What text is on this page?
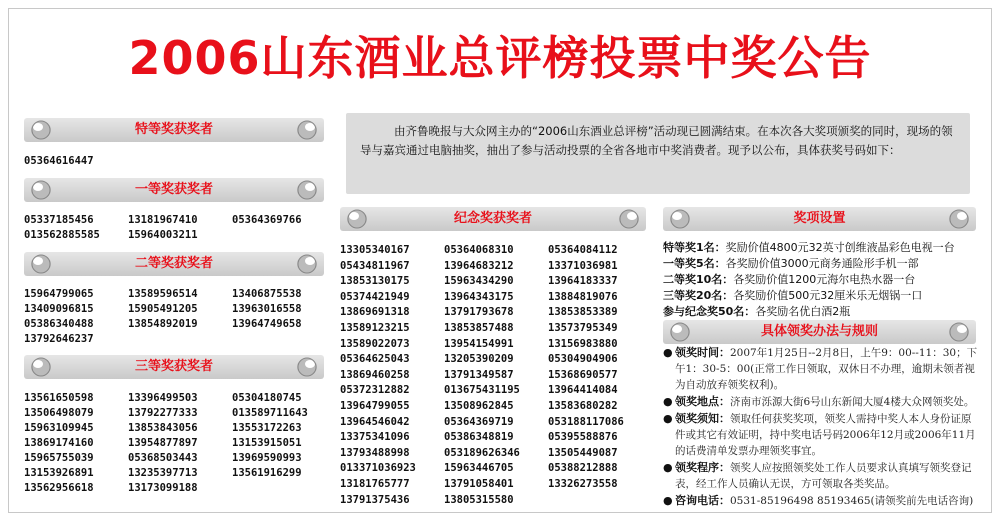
2006山东酒业总评榜投票中奖公告
特等奖获奖者
05364616447
一等奖获奖者
05337185456	13181967410	05364369766
013562885585	15964003211
二等奖获奖者
15964799065	13589596514	13406875538
13409096815	15905491205	13963016558
05386340488	13854892019	13964749658
13792646237
三等奖获奖者
13561650598	13396499503	05304180745
13506498079	13792277333	013589711643
15963109945	13853843056	13553172263
13869174160	13954877897	13153915051
15965755039	05368503443	13969590993
13153926891	13235397713	13561916299
13562956618	13173099188
由齐鲁晚报与大众网主办的“2006山东酒业总评榜”活动现已圆满结束。在本次各大奖项颁奖的同时，现场的领导与嘉宾通过电脑抽奖，抽出了参与活动投票的全省各地市中奖消费者。现予以公布，具体获奖号码如下：
纪念奖获奖者
13305340167	05364068310	05364084112
05434811967	13964683212	13371036981
13853130175	15963434290	13964183337
05374421949	13964343175	13884819076
13869691318	13791793678	13853853389
13589123215	13853857488	13573795349
13589022073	13954154991	13156983880
05364625043	13205390209	05304904906
13869460258	13791349587	15368690577
05372312882	013675431195	13964414084
13964799055	13508962845	13583680282
13964546042	05364369719	053188117086
13375341096	05386348819	05395588876
13793488998	053189626346	13505449087
013371036923	15963446705	05388212888
13181765777	13791058401	13326273558
13791375436	13805315580
奖项设置
特等奖1名：奖励价值4800元32英寸创维液晶彩色电视一台
一等奖5名：各奖励价值3000元商务通险形手机一部
二等奖10名：各奖励价值1200元海尔电热水器一台
三等奖20名：各奖励价值500元32厘米乐无烟锅一口
参与纪念奖50名：各奖励名优白酒2瓶
具体领奖办法与规则
● 领奖时间：2007年1月25日--2月8日，上午9：00--11：30；下午1：30-5：00(正常工作日领取，双休日不办理，逾期未领者视为自动放弃领奖权利)。
● 领奖地点：济南市泺源大街6号山东新闻大厦4楼大众网领奖处。
● 领奖须知：领取任何获奖奖项，领奖人需持中奖人本人身份证原件或其它有效证明，持中奖电话号码2006年12月或2006年11月的话费清单发票办理领奖事宜。
● 领奖程序：领奖人应按照领奖处工作人员要求认真填写领奖登记表，经工作人员确认无误，方可领取各类奖品。
● 咨询电话：0531-85196498 85193465(请领奖前先电话咨询)
